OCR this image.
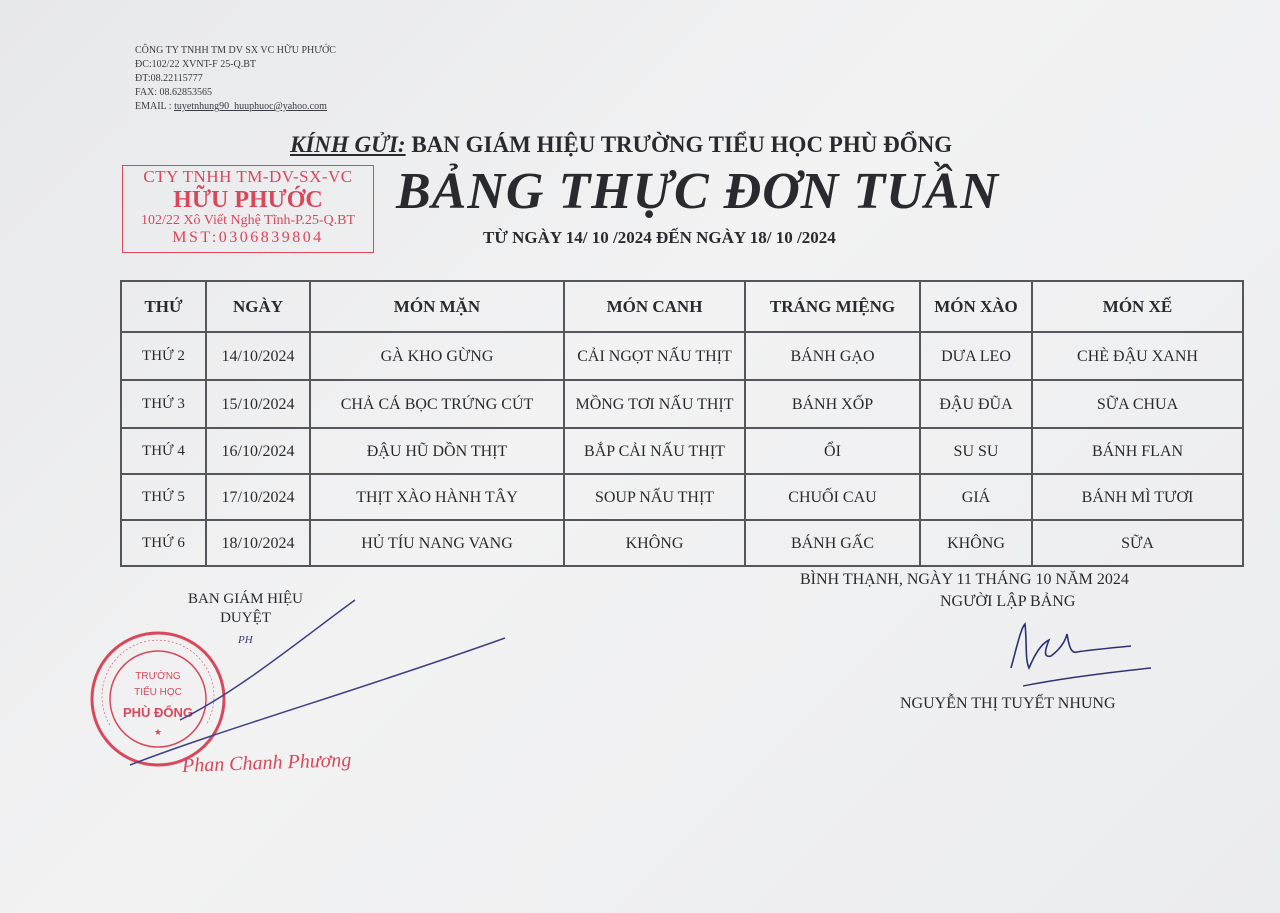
CÔNG TY TNHH TM DV SX VC HỮU PHƯỚC
ĐC:102/22 XVNT-F 25-Q.BT
ĐT:08.22115777
FAX: 08.62853565
EMAIL : tuyetnhung90_huuphuoc@yahoo.com
KÍNH GỬI: BAN GIÁM HIỆU TRƯỜNG TIỂU HỌC PHÙ ĐỔNG
CTY TNHH TM-DV-SX-VC
HỮU PHƯỚC
102/22 Xô Viết Nghệ Tĩnh-P.25-Q.BT
MST:0306839804
BẢNG THỰC ĐƠN TUẦN
TỪ NGÀY 14/ 10 /2024 ĐẾN NGÀY 18/ 10 /2024
THỨ	NGÀY	MÓN MẶN	MÓN CANH	TRÁNG MIỆNG	MÓN XÀO	MÓN XẾ
THỨ 2	14/10/2024	GÀ KHO GỪNG	CẢI NGỌT NẤU THỊT	BÁNH GẠO	DƯA LEO	CHÈ ĐẬU XANH
THỨ 3	15/10/2024	CHẢ CÁ BỌC TRỨNG CÚT	MỒNG TƠI NẤU THỊT	BÁNH XỐP	ĐẬU ĐŨA	SỮA CHUA
THỨ 4	16/10/2024	ĐẬU HŨ DỒN THỊT	BẮP CẢI NẤU THỊT	ỔI	SU SU	BÁNH FLAN
THỨ 5	17/10/2024	THỊT XÀO HÀNH TÂY	SOUP NẤU THỊT	CHUỐI CAU	GIÁ	BÁNH MÌ TƯƠI
THỨ 6	18/10/2024	HỦ TÍU NANG VANG	KHÔNG	BÁNH GẤC	KHÔNG	SỮA
BAN GIÁM HIỆU
DUYỆT
PH
TRƯỜNG
TIỂU HỌC
PHÙ ĐỔNG
★
Phan Chanh Phương
BÌNH THẠNH, NGÀY 11 THÁNG 10 NĂM 2024
NGƯỜI LẬP BẢNG
NGUYỄN THỊ TUYẾT NHUNG
